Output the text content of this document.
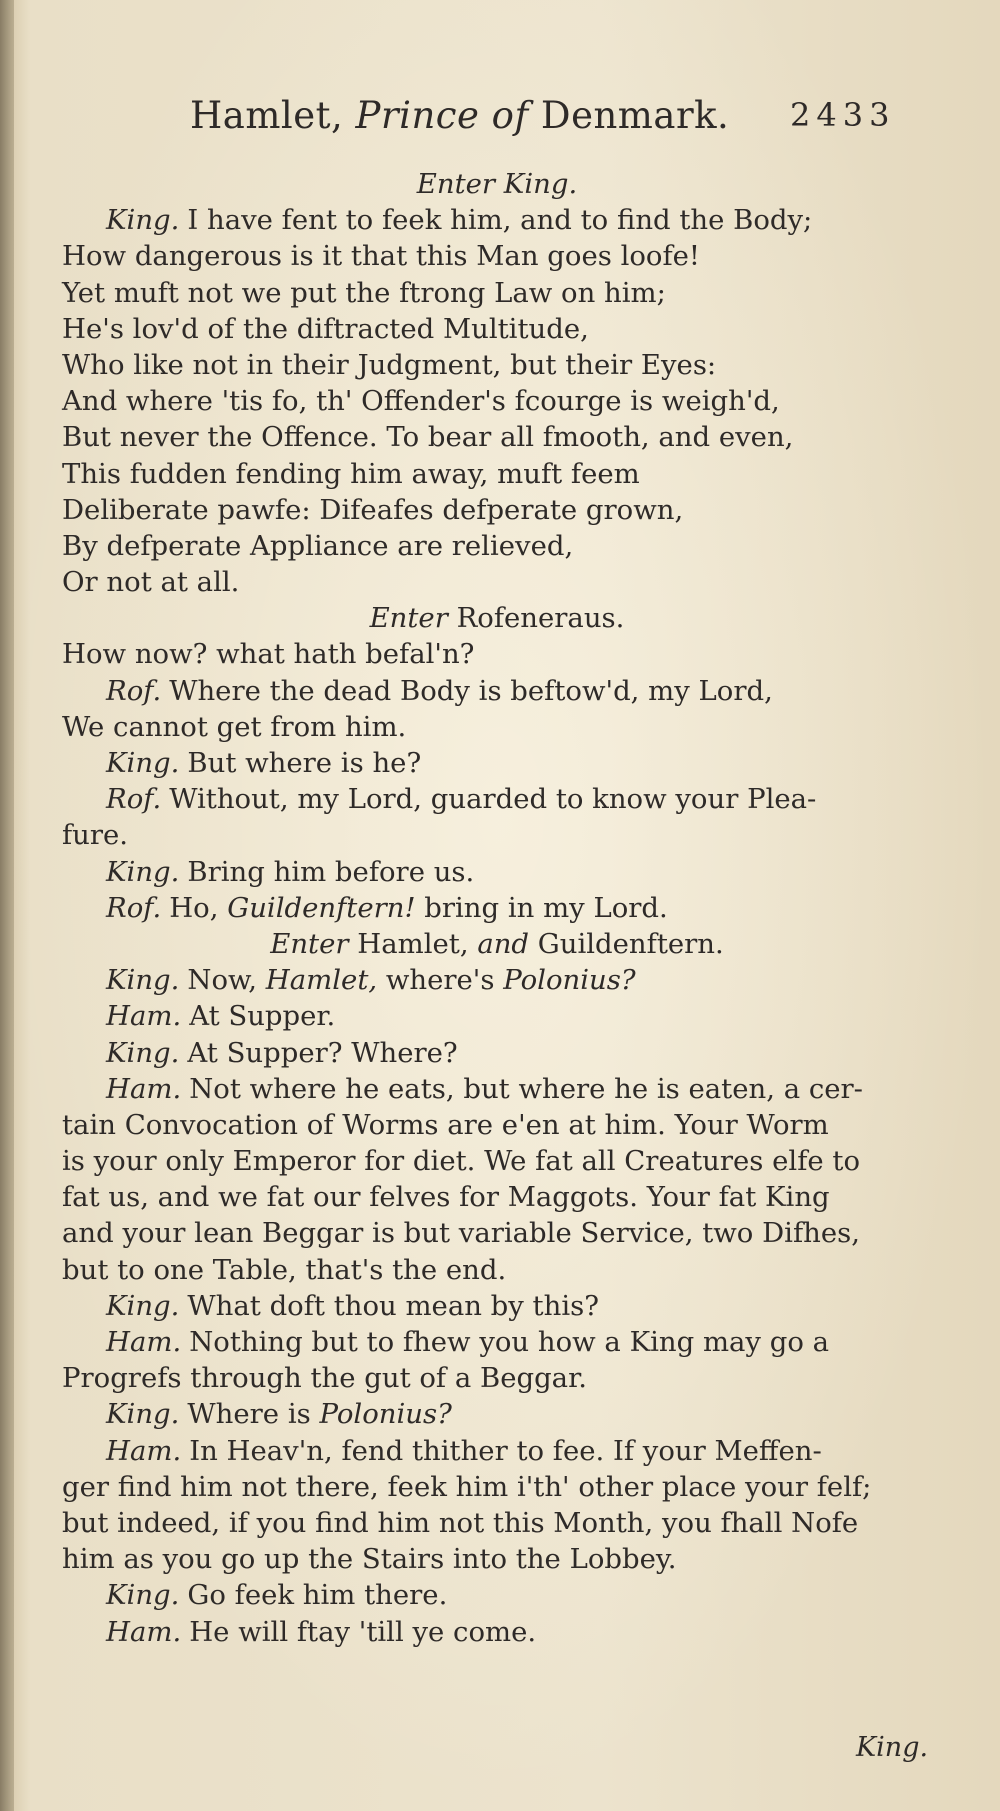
Hamlet, Prince of Denmark. 2433
Enter King.
King. I have fent to feek him, and to find the Body;
How dangerous is it that this Man goes loofe!
Yet muft not we put the ftrong Law on him;
He's lov'd of the diftracted Multitude,
Who like not in their Judgment, but their Eyes:
And where 'tis fo, th' Offender's fcourge is weigh'd,
But never the Offence. To bear all fmooth, and even,
This fudden fending him away, muft feem
Deliberate pawfe: Difeafes defperate grown,
By defperate Appliance are relieved,
Or not at all.
Enter Rofeneraus.
How now? what hath befal'n?
Rof. Where the dead Body is beftow'd, my Lord,
We cannot get from him.
King. But where is he?
Rof. Without, my Lord, guarded to know your Plea-
fure.
King. Bring him before us.
Rof. Ho, Guildenftern! bring in my Lord.
Enter Hamlet, and Guildenftern.
King. Now, Hamlet, where's Polonius?
Ham. At Supper.
King. At Supper? Where?
Ham. Not where he eats, but where he is eaten, a cer-
tain Convocation of Worms are e'en at him. Your Worm
is your only Emperor for diet. We fat all Creatures elfe to
fat us, and we fat our felves for Maggots. Your fat King
and your lean Beggar is but variable Service, two Difhes,
but to one Table, that's the end.
King. What doft thou mean by this?
Ham. Nothing but to fhew you how a King may go a
Progrefs through the gut of a Beggar.
King. Where is Polonius?
Ham. In Heav'n, fend thither to fee. If your Meffen-
ger find him not there, feek him i'th' other place your felf;
but indeed, if you find him not this Month, you fhall Nofe
him as you go up the Stairs into the Lobbey.
King. Go feek him there.
Ham. He will ftay 'till ye come.
King.
